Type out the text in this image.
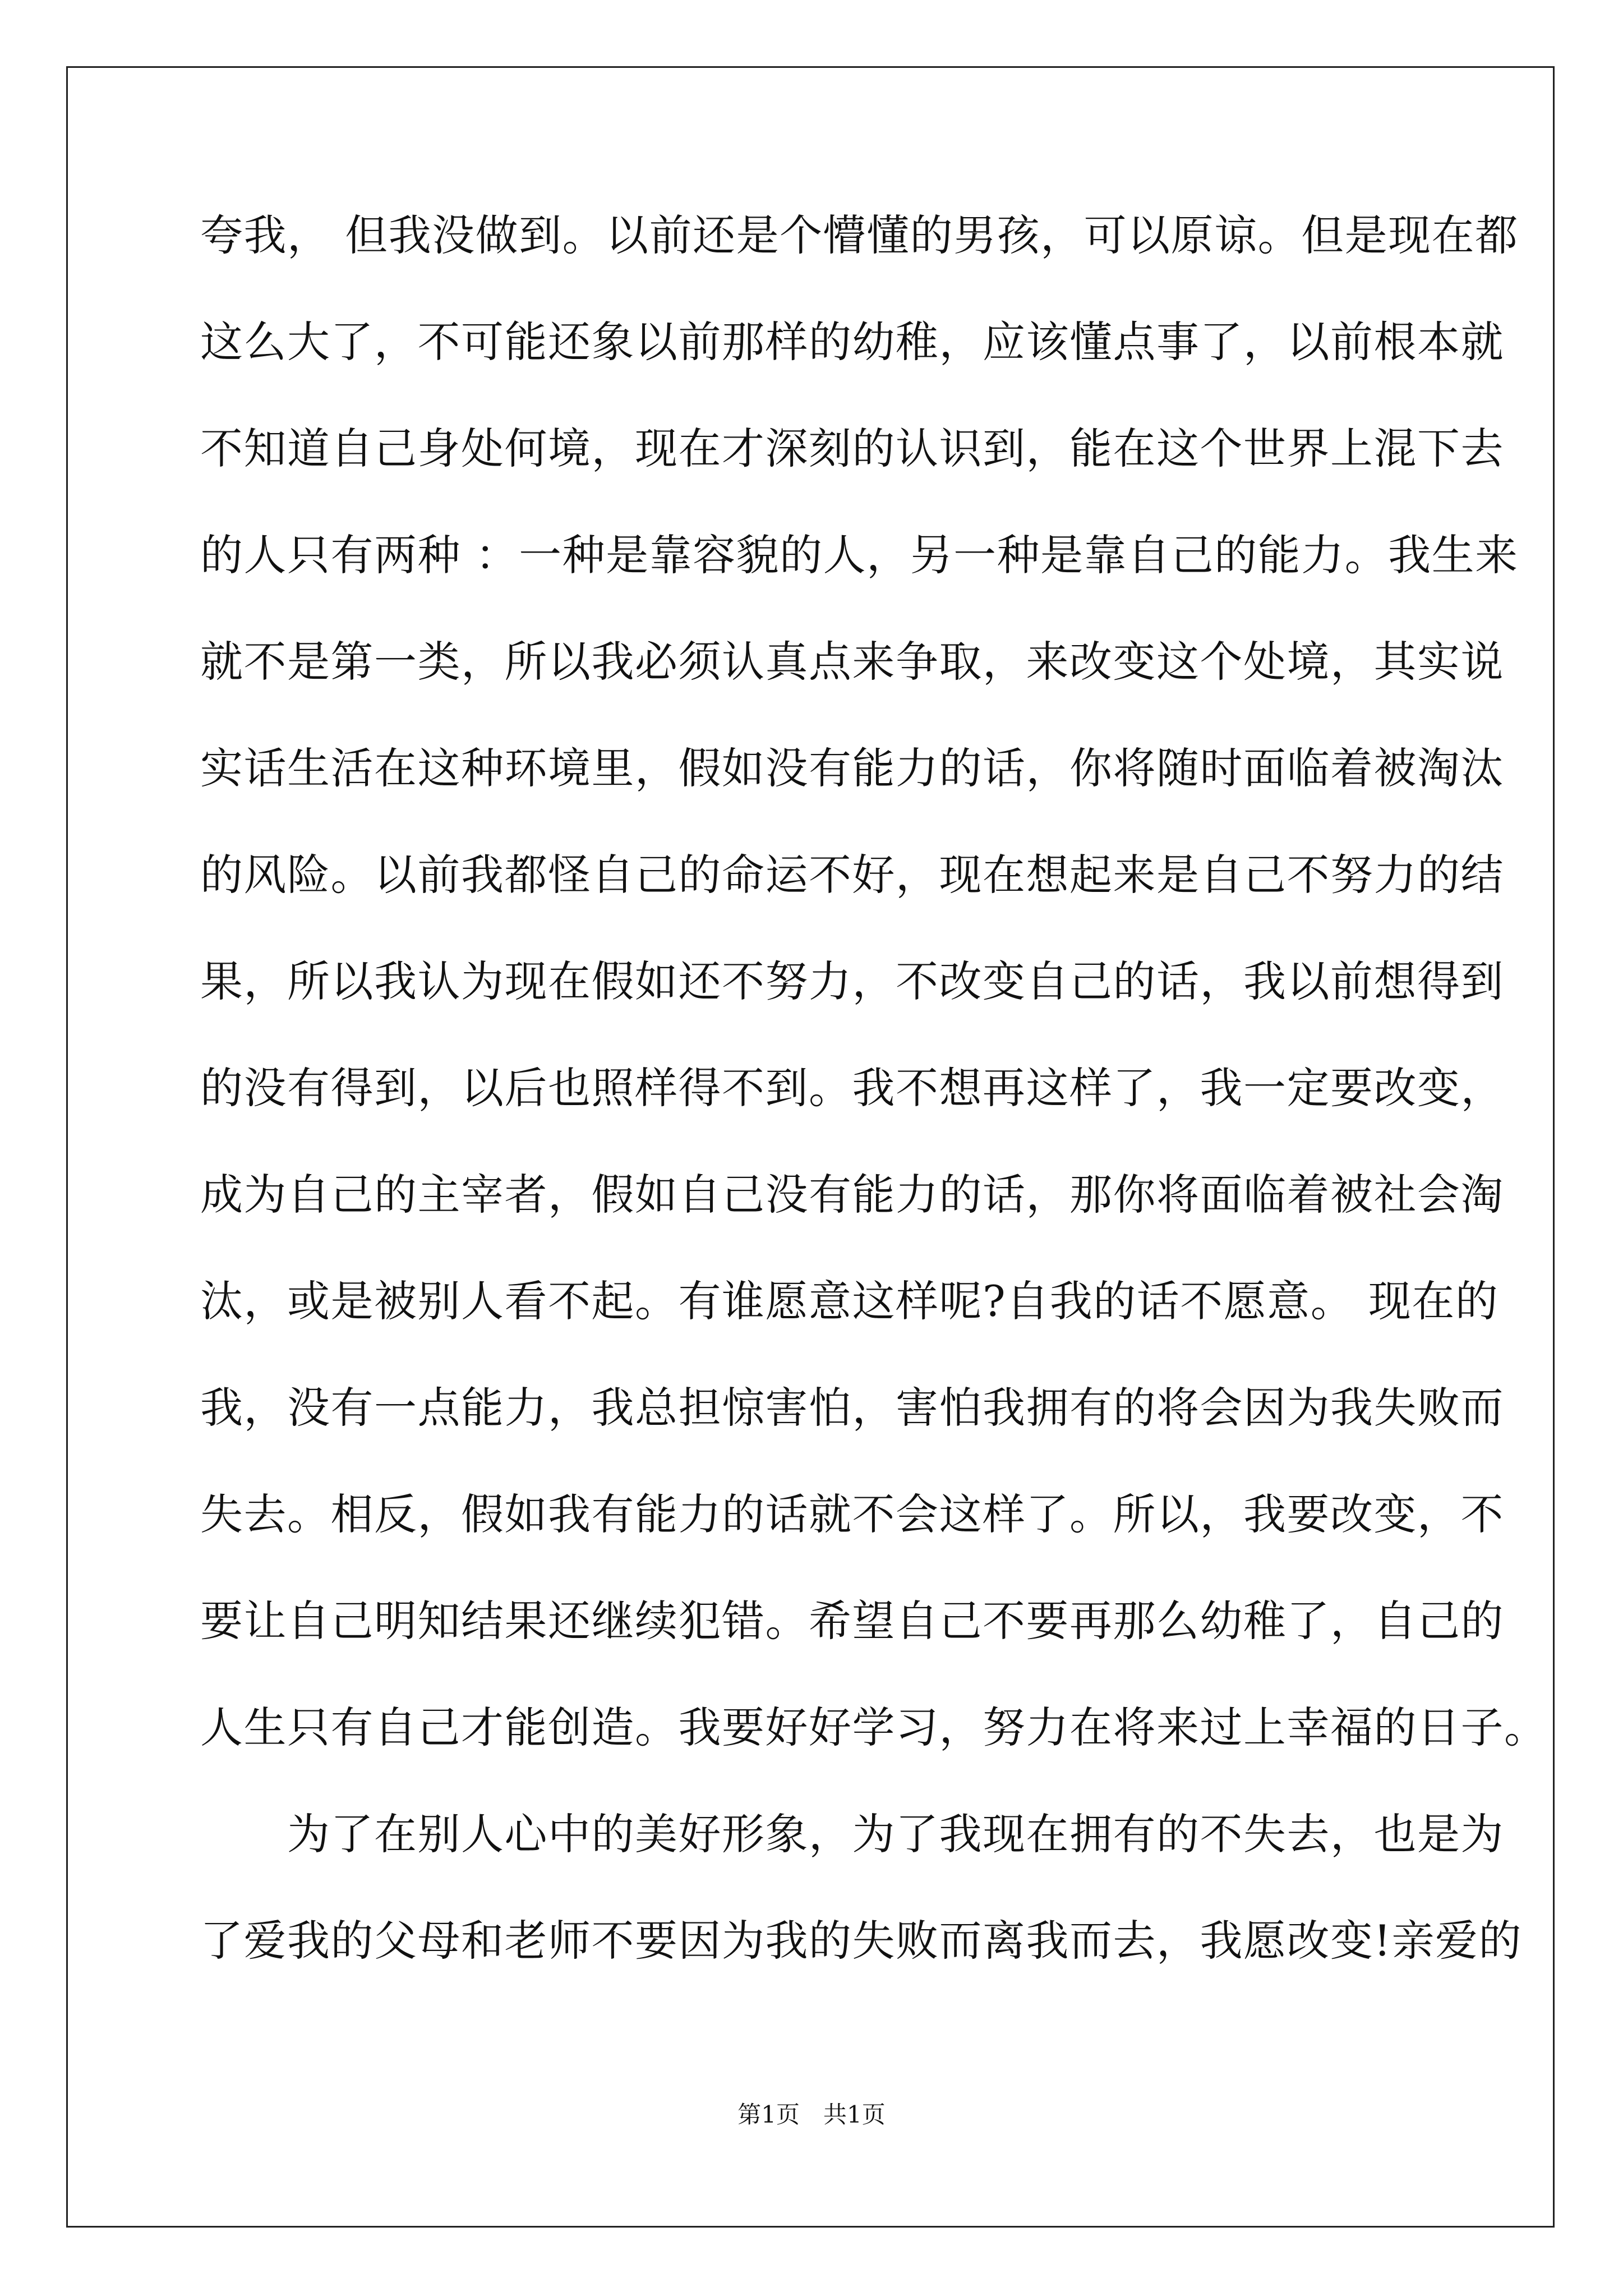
夸我， 但我没做到。以前还是个懵懂的男孩，可以原谅。但是现在都
这么大了，不可能还象以前那样的幼稚，应该懂点事了，以前根本就
不知道自己身处何境，现在才深刻的认识到，能在这个世界上混下去
的人只有两种 ：一种是靠容貌的人，另一种是靠自己的能力。我生来
就不是第一类，所以我必须认真点来争取，来改变这个处境，其实说
实话生活在这种环境里，假如没有能力的话，你将随时面临着被淘汰
的风险。以前我都怪自己的命运不好，现在想起来是自己不努力的结
果，所以我认为现在假如还不努力，不改变自己的话，我以前想得到
的没有得到，以后也照样得不到。我不想再这样了，我一定要改变，
成为自己的主宰者，假如自己没有能力的话，那你将面临着被社会淘
汰，或是被别人看不起。有谁愿意这样呢?自我的话不愿意。 现在的
我，没有一点能力，我总担惊害怕，害怕我拥有的将会因为我失败而
失去。相反，假如我有能力的话就不会这样了。所以，我要改变，不
要让自己明知结果还继续犯错。希望自己不要再那么幼稚了，自己的
人生只有自己才能创造。我要好好学习，努力在将来过上幸福的日子。
　　为了在别人心中的美好形象，为了我现在拥有的不失去，也是为
了爱我的父母和老师不要因为我的失败而离我而去，我愿改变!亲爱的
第1页　共1页
